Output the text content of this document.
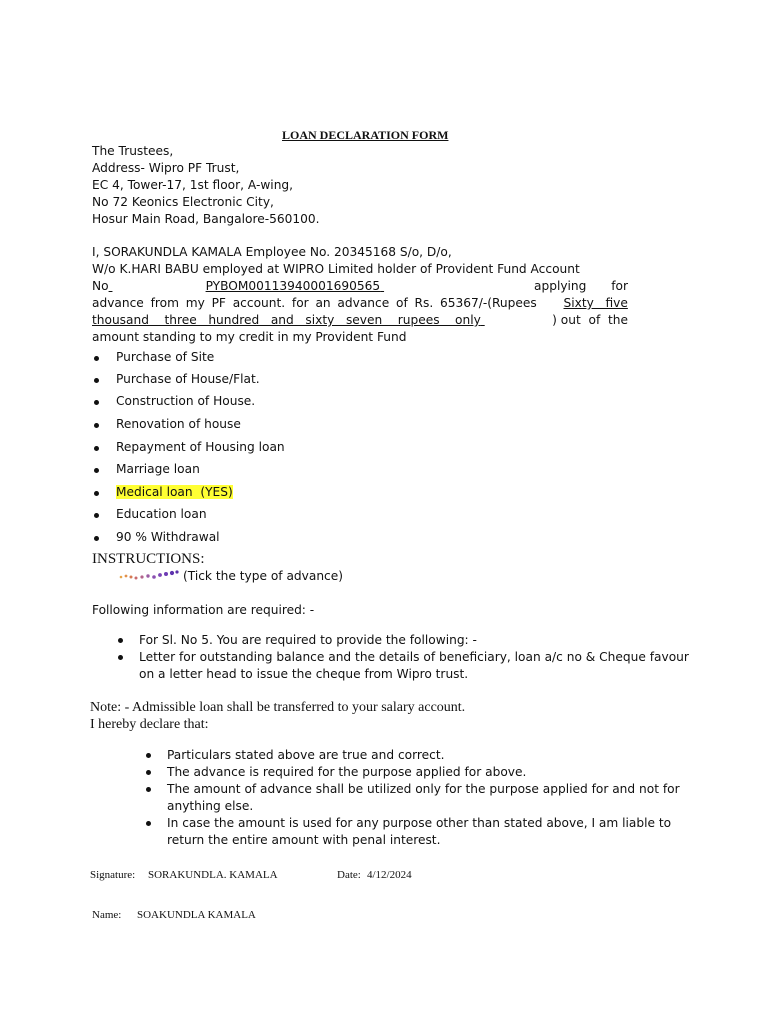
LOAN DECLARATION FORM
The Trustees,
Address- Wipro PF Trust,
EC 4, Tower-17, 1st floor, A-wing,
No 72 Keonics Electronic City,
Hosur Main Road, Bangalore-560100.
I, SORAKUNDLA KAMALA Employee No. 20345168 S/o, D/o,
W/o K.HARI BABU employed at WIPRO Limited holder of Provident Fund Account
No	PYBOM00113940001690565	applying for
advance from my PF account. for an advance of Rs. 65367/-(Rupees	Sixty   five
thousand    three   hundred   and   sixty   seven    rupees    only	) out  of  the
amount standing to my credit in my Provident Fund
Purchase of Site
Purchase of House/Flat.
Construction of House.
Renovation of house
Repayment of Housing loan
Marriage loan
Medical loan  (YES)
Education loan
90 % Withdrawal
INSTRUCTIONS:
(Tick the type of advance)
Following information are required: -
For Sl. No 5. You are required to provide the following: -
Letter for outstanding balance and the details of beneficiary, loan a/c no & Cheque favour
on a letter head to issue the cheque from Wipro trust.
Note: - Admissible loan shall be transferred to your salary account.
I hereby declare that:
Particulars stated above are true and correct.
The advance is required for the purpose applied for above.
The amount of advance shall be utilized only for the purpose applied for and not for
anything else.
In case the amount is used for any purpose other than stated above, I am liable to
return the entire amount with penal interest.
Signature: SORAKUNDLA. KAMALA	Date: 4/12/2024
Name: SOAKUNDLA KAMALA
